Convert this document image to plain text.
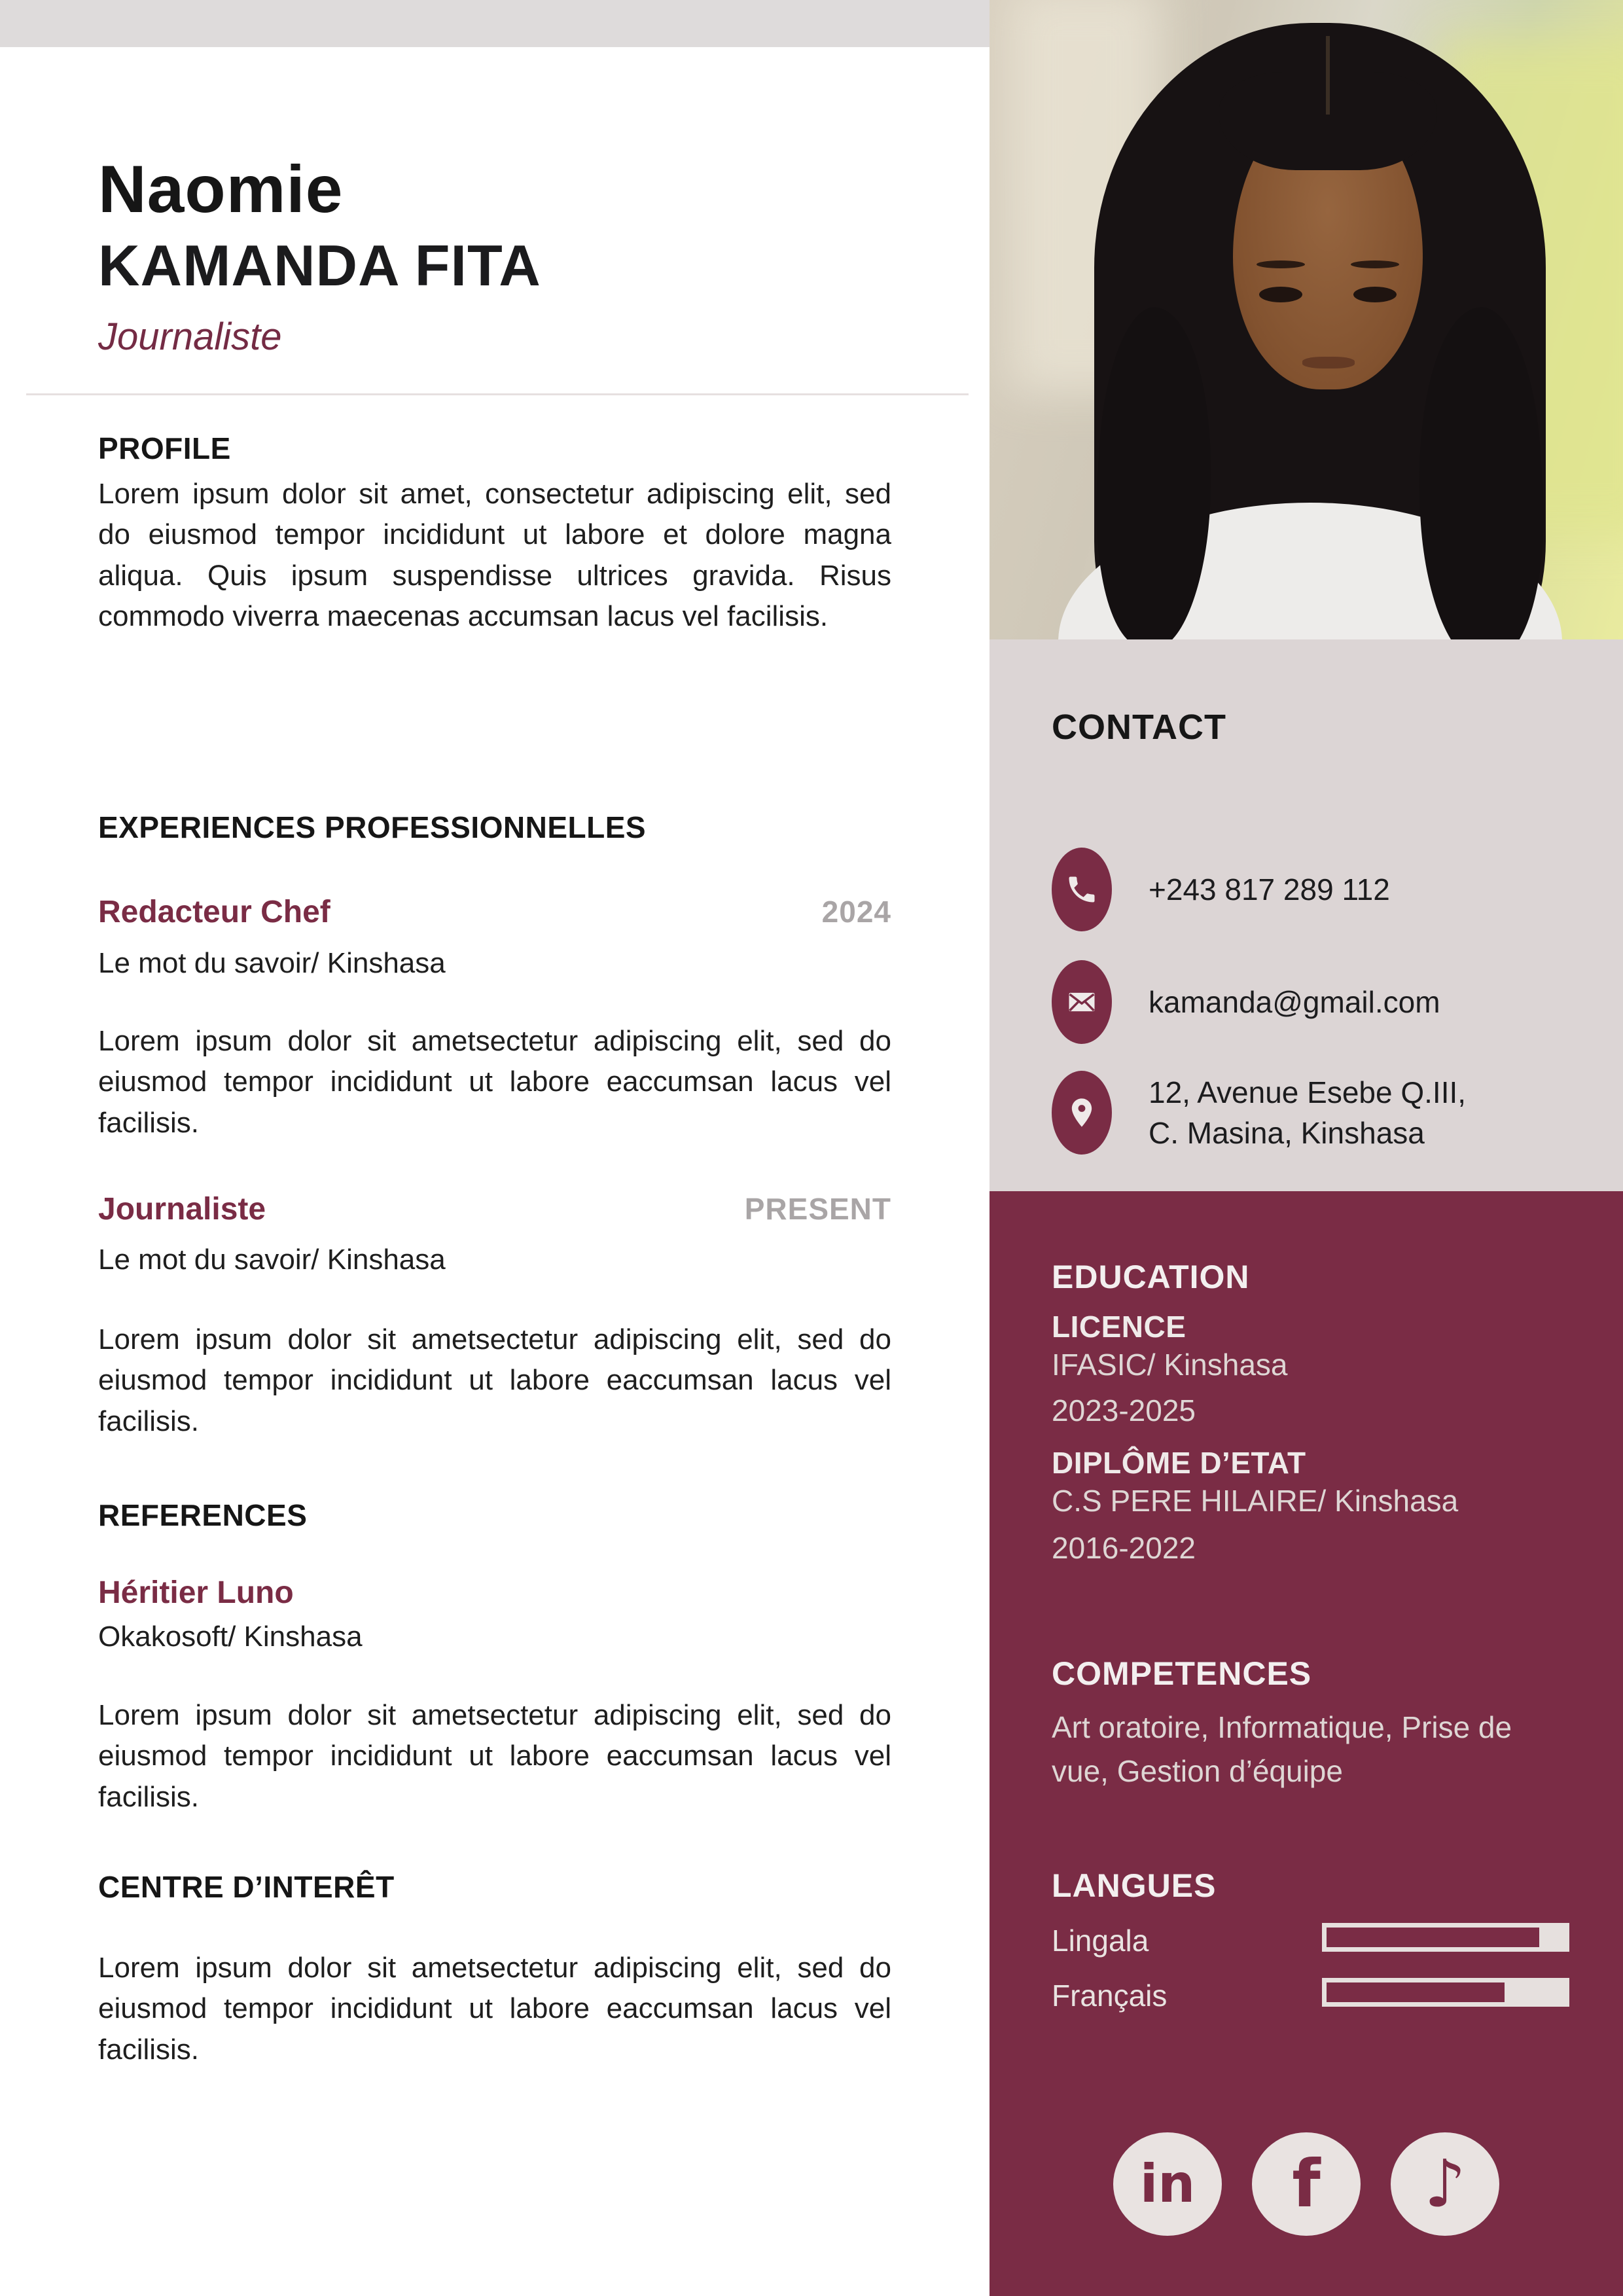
Naomie
KAMANDA FITA
Journaliste
PROFILE
Lorem ipsum dolor sit amet, consectetur adipiscing elit, sed do eiusmod tempor incididunt ut labore et dolore magna aliqua. Quis ipsum suspendisse ultrices gravida. Risus commodo viverra maecenas accumsan lacus vel facilisis.
EXPERIENCES PROFESSIONNELLES
Redacteur Chef	2024
Le mot du savoir/ Kinshasa
Lorem ipsum dolor sit ametsectetur adipiscing elit, sed do eiusmod tempor incididunt ut labore eaccumsan lacus vel facilisis.
Journaliste	PRESENT
Le mot du savoir/ Kinshasa
Lorem ipsum dolor sit ametsectetur adipiscing elit, sed do eiusmod tempor incididunt ut labore eaccumsan lacus vel facilisis.
REFERENCES
Héritier Luno
Okakosoft/ Kinshasa
Lorem ipsum dolor sit ametsectetur adipiscing elit, sed do eiusmod tempor incididunt ut labore eaccumsan lacus vel facilisis.
CENTRE D’INTERÊT
Lorem ipsum dolor sit ametsectetur adipiscing elit, sed do eiusmod tempor incididunt ut labore eaccumsan lacus vel facilisis.
CONTACT
+243 817 289 112
kamanda@gmail.com
12, Avenue Esebe Q.III,
C. Masina, Kinshasa
EDUCATION
LICENCE
IFASIC/ Kinshasa
2023-2025
DIPLÔME D’ETAT
C.S PERE HILAIRE/ Kinshasa
2016-2022
COMPETENCES
Art oratoire, Informatique, Prise de vue, Gestion d’équipe
LANGUES
Lingala
Français
in f ♪
